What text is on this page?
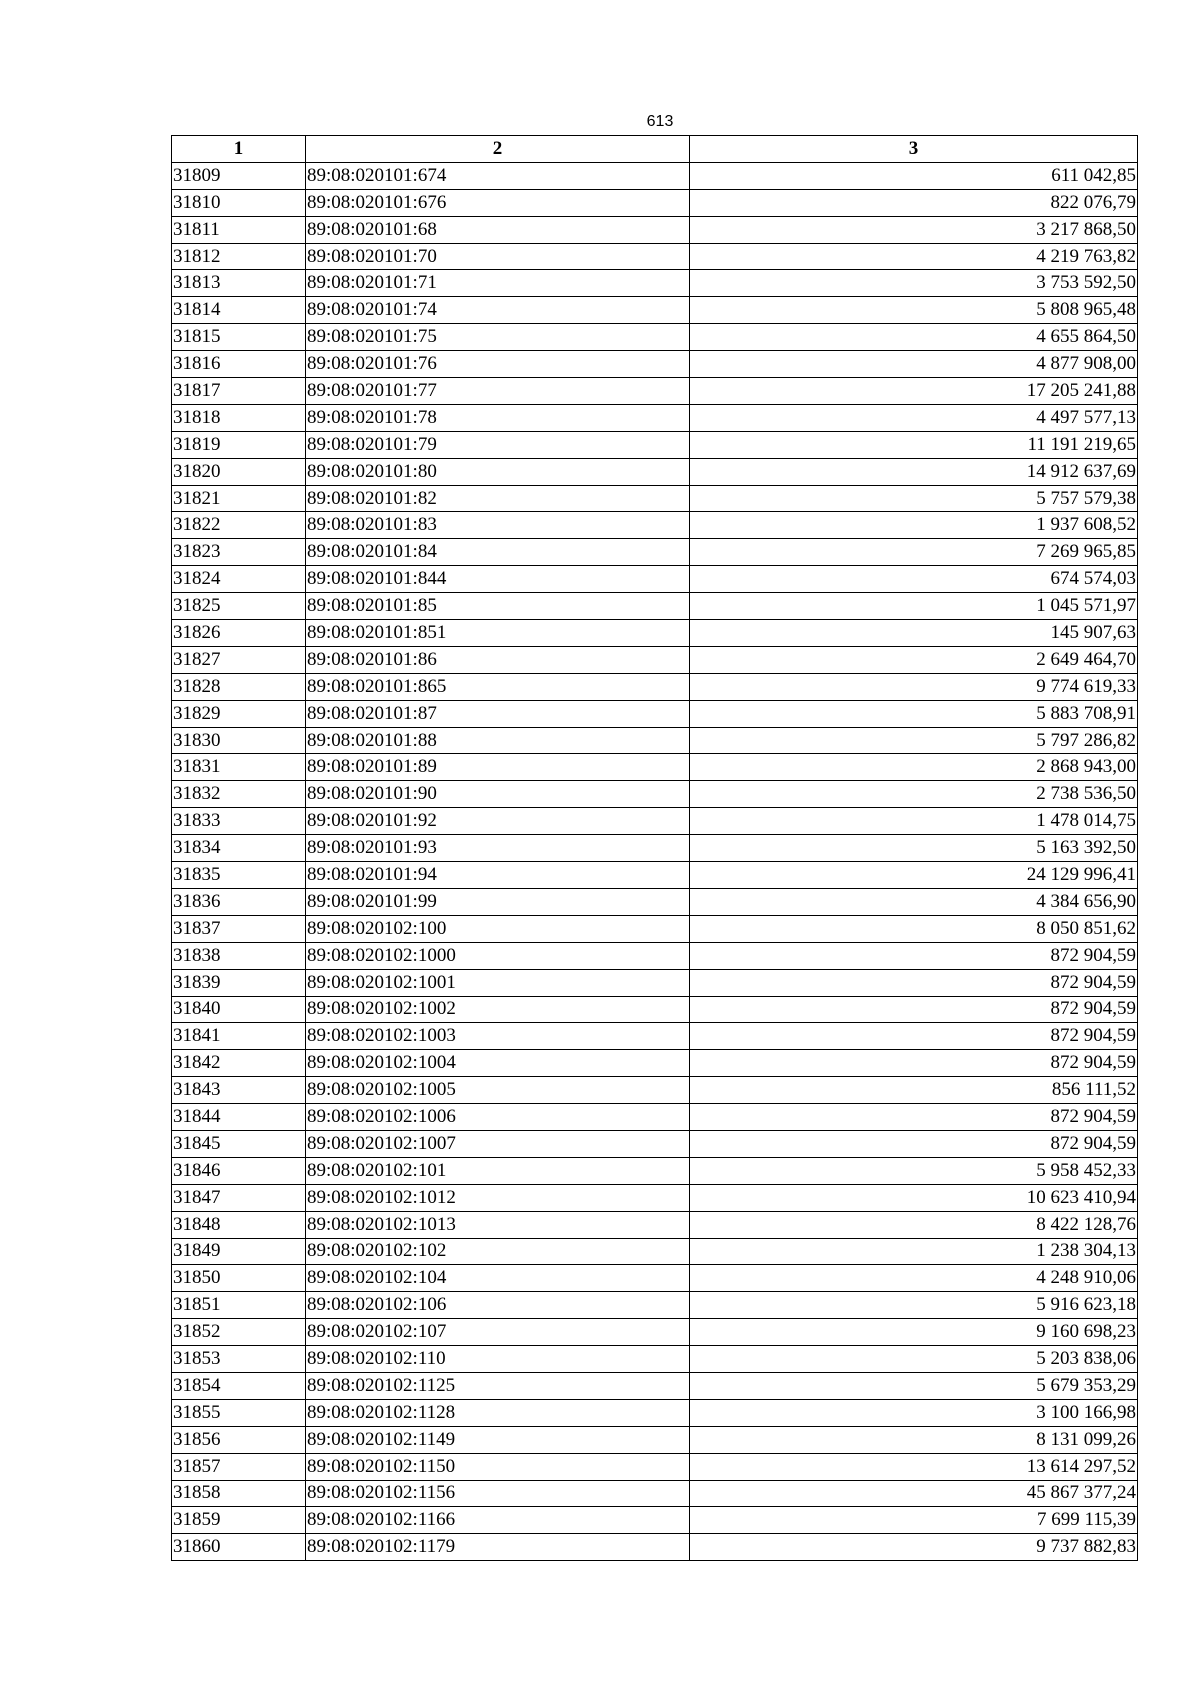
613
1	2	3
31809	89:08:020101:674	611 042,85
31810	89:08:020101:676	822 076,79
31811	89:08:020101:68	3 217 868,50
31812	89:08:020101:70	4 219 763,82
31813	89:08:020101:71	3 753 592,50
31814	89:08:020101:74	5 808 965,48
31815	89:08:020101:75	4 655 864,50
31816	89:08:020101:76	4 877 908,00
31817	89:08:020101:77	17 205 241,88
31818	89:08:020101:78	4 497 577,13
31819	89:08:020101:79	11 191 219,65
31820	89:08:020101:80	14 912 637,69
31821	89:08:020101:82	5 757 579,38
31822	89:08:020101:83	1 937 608,52
31823	89:08:020101:84	7 269 965,85
31824	89:08:020101:844	674 574,03
31825	89:08:020101:85	1 045 571,97
31826	89:08:020101:851	145 907,63
31827	89:08:020101:86	2 649 464,70
31828	89:08:020101:865	9 774 619,33
31829	89:08:020101:87	5 883 708,91
31830	89:08:020101:88	5 797 286,82
31831	89:08:020101:89	2 868 943,00
31832	89:08:020101:90	2 738 536,50
31833	89:08:020101:92	1 478 014,75
31834	89:08:020101:93	5 163 392,50
31835	89:08:020101:94	24 129 996,41
31836	89:08:020101:99	4 384 656,90
31837	89:08:020102:100	8 050 851,62
31838	89:08:020102:1000	872 904,59
31839	89:08:020102:1001	872 904,59
31840	89:08:020102:1002	872 904,59
31841	89:08:020102:1003	872 904,59
31842	89:08:020102:1004	872 904,59
31843	89:08:020102:1005	856 111,52
31844	89:08:020102:1006	872 904,59
31845	89:08:020102:1007	872 904,59
31846	89:08:020102:101	5 958 452,33
31847	89:08:020102:1012	10 623 410,94
31848	89:08:020102:1013	8 422 128,76
31849	89:08:020102:102	1 238 304,13
31850	89:08:020102:104	4 248 910,06
31851	89:08:020102:106	5 916 623,18
31852	89:08:020102:107	9 160 698,23
31853	89:08:020102:110	5 203 838,06
31854	89:08:020102:1125	5 679 353,29
31855	89:08:020102:1128	3 100 166,98
31856	89:08:020102:1149	8 131 099,26
31857	89:08:020102:1150	13 614 297,52
31858	89:08:020102:1156	45 867 377,24
31859	89:08:020102:1166	7 699 115,39
31860	89:08:020102:1179	9 737 882,83
